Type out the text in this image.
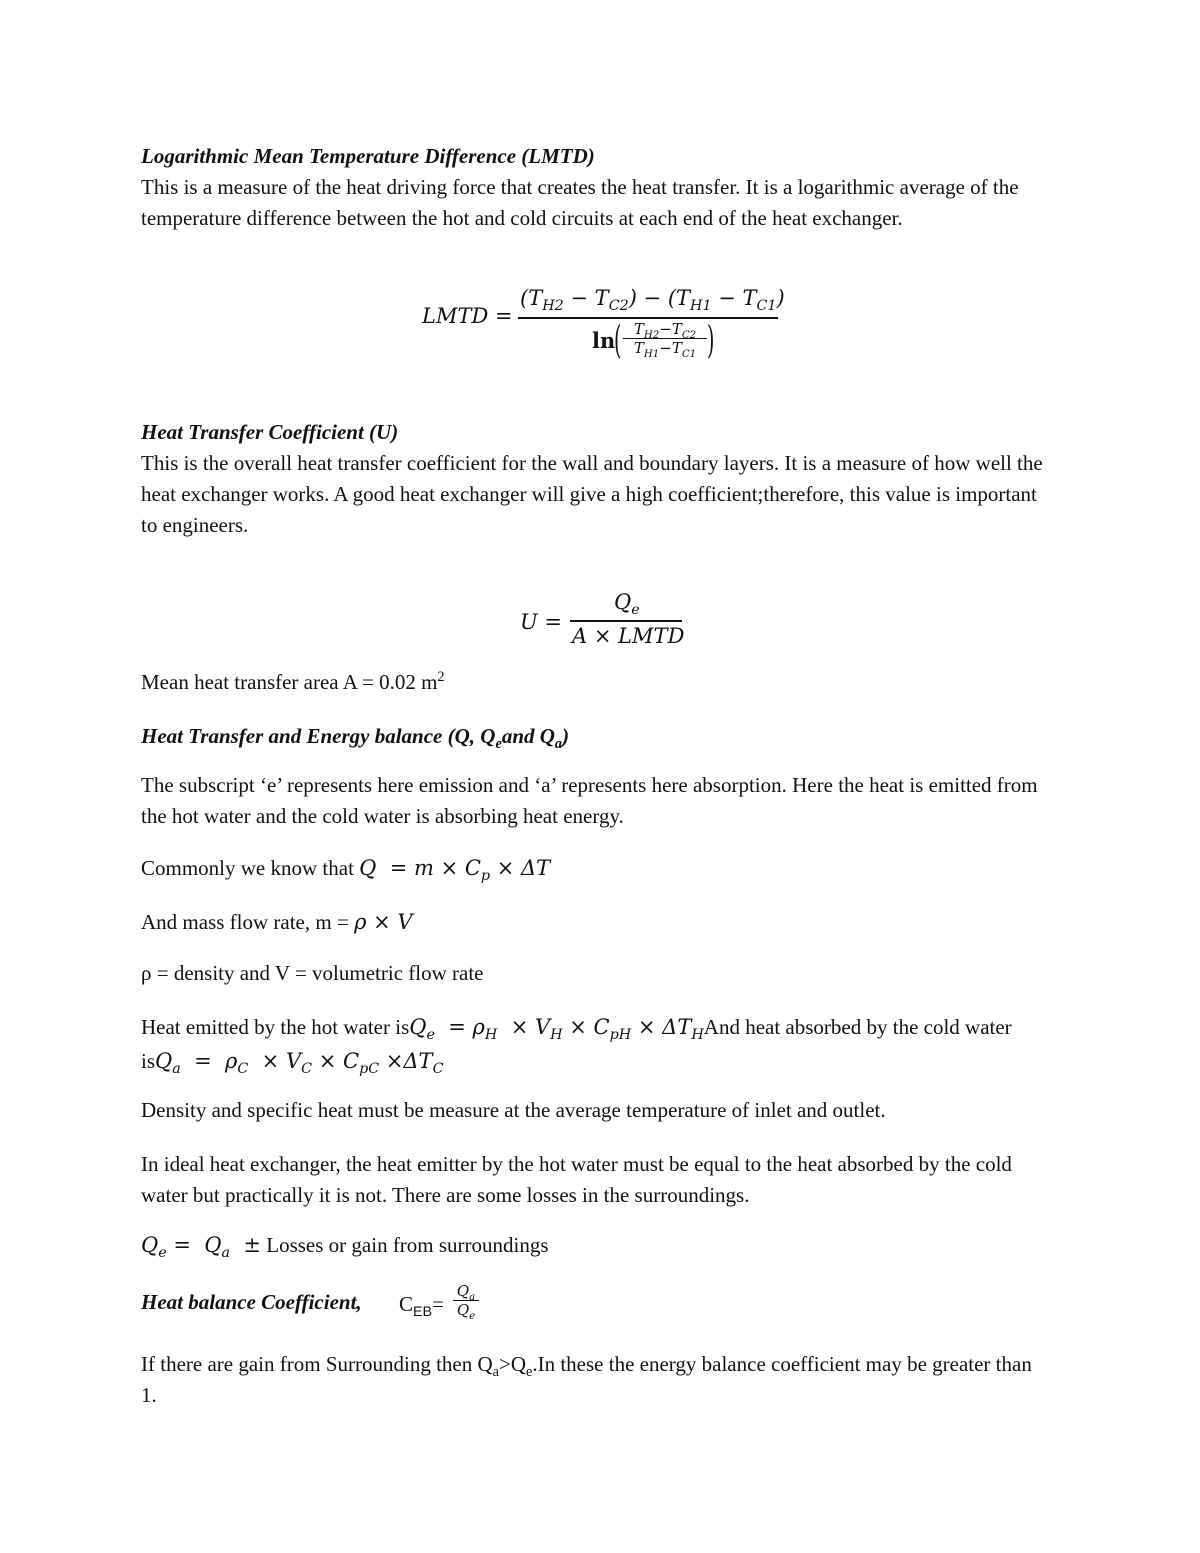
Logarithmic Mean Temperature Difference (LMTD)
This is a measure of the heat driving force that creates the heat transfer. It is a logarithmic average of the temperature difference between the hot and cold circuits at each end of the heat exchanger.
LMTD =
$(T_{H2} - T_{C2}) - (T_{H1} - T_{C1})$
ln
( $\frac{T_{H2}-T_{C2}}{T_{H1}-T_{C1}}$ )
Heat Transfer Coefficient (U)
This is the overall heat transfer coefficient for the wall and boundary layers. It is a measure of how well the heat exchanger works. A good heat exchanger will give a high coefficient;therefore, this value is important to engineers.
U =
$Q_e$
A × LMTD
Mean heat transfer area A = 0.02 $m^2$
Heat Transfer and Energy balance (Q, $Q_eand$ $Q_a$)
The subscript ‘e’ represents here emission and ‘a’ represents here absorption. Here the heat is emitted from the hot water and the cold water is absorbing heat energy.
Commonly we know that $Q = m \times C_p \times \Delta T$
And mass flow rate, m = ρ × V
ρ = density and V = volumetric flow rate
Heat emitted by the hot water $isQ_e = \rho_H \times V_H \times C_{pH} \times \Delta T_HAnd$ heat absorbed by the cold water $isQ_a = \rho_C \times V_C \times C_{pC} \times\Delta T_C$
Density and specific heat must be measure at the average temperature of inlet and outlet.
In ideal heat exchanger, the heat emitter by the hot water must be equal to the heat absorbed by the cold water but practically it is not. There are some losses in the surroundings.
$Q_e = Q_a$ ± Losses or gain from surroundings
Heat balance Coefficient, $C_{EB}= \frac{Q_a}{Q_e}$
If there are gain from Surrounding then $Q_a>Q_e.In$ these the energy balance coefficient may be greater than 1.
